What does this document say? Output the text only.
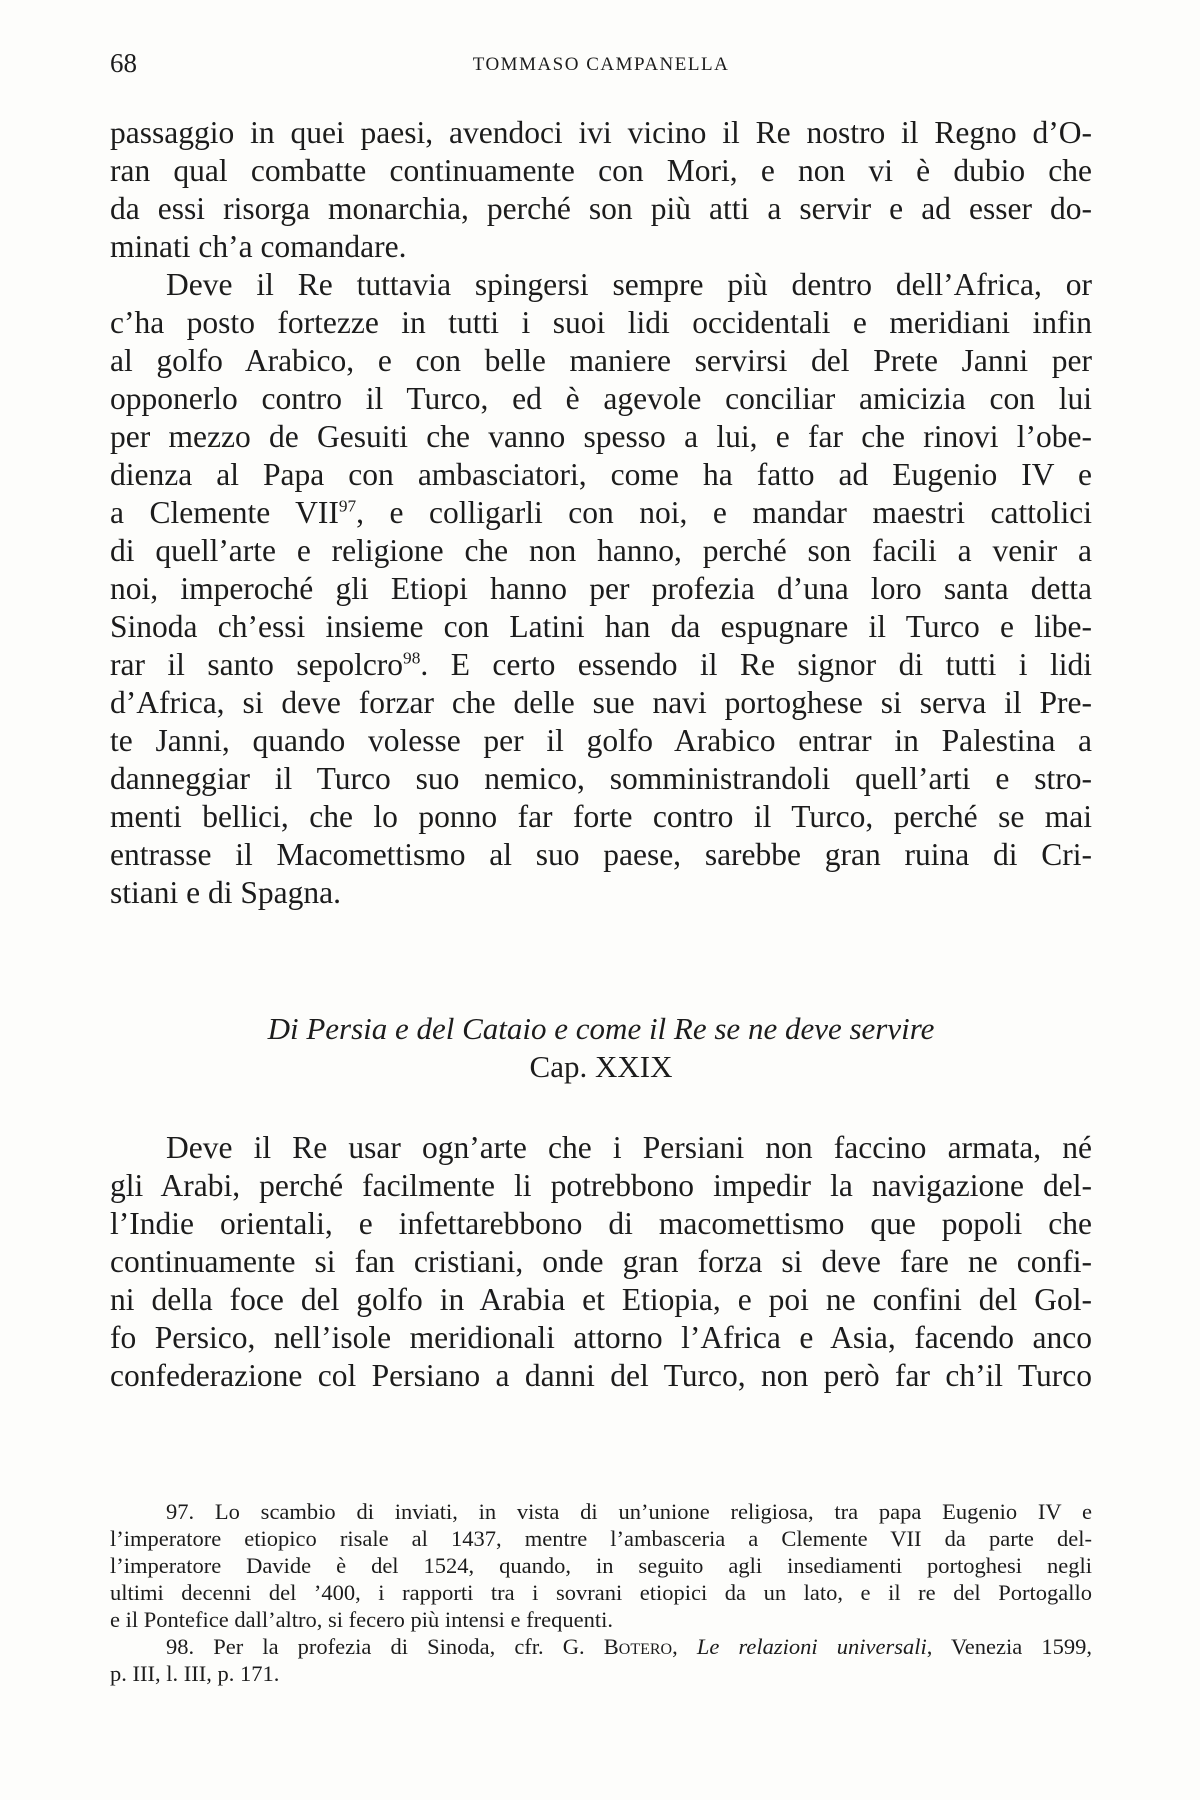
68	TOMMASO CAMPANELLA
passaggio in quei paesi, avendoci ivi vicino il Re nostro il Regno d’O-
ran qual combatte continuamente con Mori, e non vi è dubio che
da essi risorga monarchia, perché son più atti a servir e ad esser do-
minati ch’a comandare.
Deve il Re tuttavia spingersi sempre più dentro dell’Africa, or
c’ha posto fortezze in tutti i suoi lidi occidentali e meridiani infin
al golfo Arabico, e con belle maniere servirsi del Prete Janni per
opponerlo contro il Turco, ed è agevole conciliar amicizia con lui
per mezzo de Gesuiti che vanno spesso a lui, e far che rinovi l’obe-
dienza al Papa con ambasciatori, come ha fatto ad Eugenio IV e
a Clemente VII$^{97}$, e colligarli con noi, e mandar maestri cattolici
di quell’arte e religione che non hanno, perché son facili a venir a
noi, imperoché gli Etiopi hanno per profezia d’una loro santa detta
Sinoda ch’essi insieme con Latini han da espugnare il Turco e libe-
rar il santo sepolcro$^{98}$. E certo essendo il Re signor di tutti i lidi
d’Africa, si deve forzar che delle sue navi portoghese si serva il Pre-
te Janni, quando volesse per il golfo Arabico entrar in Palestina a
danneggiar il Turco suo nemico, somministrandoli quell’arti e stro-
menti bellici, che lo ponno far forte contro il Turco, perché se mai
entrasse il Macomettismo al suo paese, sarebbe gran ruina di Cri-
stiani e di Spagna.
Di Persia e del Cataio e come il Re se ne deve servire
Cap. XXIX
Deve il Re usar ogn’arte che i Persiani non faccino armata, né
gli Arabi, perché facilmente li potrebbono impedir la navigazione del-
l’Indie orientali, e infettarebbono di macomettismo que popoli che
continuamente si fan cristiani, onde gran forza si deve fare ne confi-
ni della foce del golfo in Arabia et Etiopia, e poi ne confini del Gol-
fo Persico, nell’isole meridionali attorno l’Africa e Asia, facendo anco
confederazione col Persiano a danni del Turco, non però far ch’il Turco
97. Lo scambio di inviati, in vista di un’unione religiosa, tra papa Eugenio IV e
l’imperatore etiopico risale al 1437, mentre l’ambasceria a Clemente VII da parte del-
l’imperatore Davide è del 1524, quando, in seguito agli insediamenti portoghesi negli
ultimi decenni del ’400, i rapporti tra i sovrani etiopici da un lato, e il re del Portogallo
e il Pontefice dall’altro, si fecero più intensi e frequenti.
98. Per la profezia di Sinoda, cfr. G. Botero, Le relazioni universali, Venezia 1599,
p. III, l. III, p. 171.
